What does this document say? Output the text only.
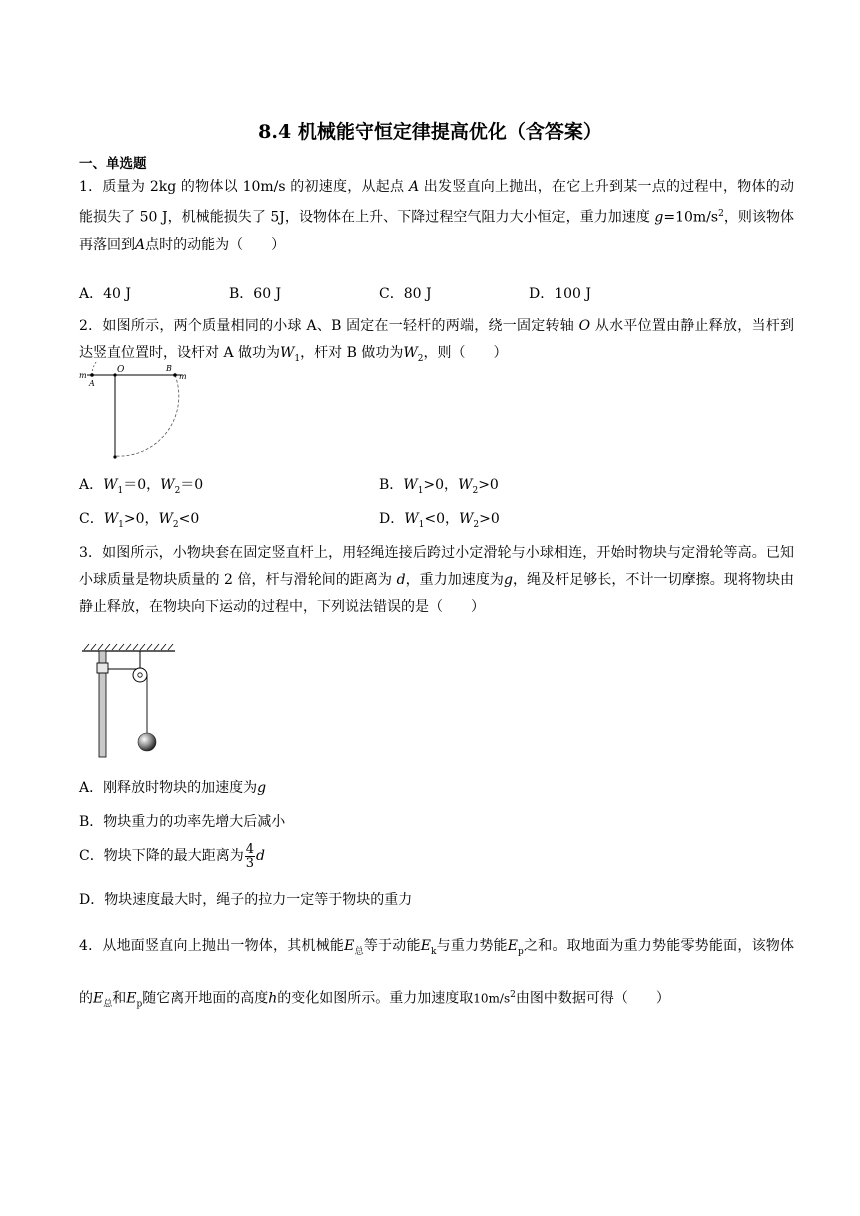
8.4 机械能守恒定律提高优化（含答案）
一、单选题
1．质量为 2kg 的物体以 10m/s 的初速度，从起点 A 出发竖直向上抛出，在它上升到某一点的过程中，物体的动能损失了 50 J，机械能损失了 5J，设物体在上升、下降过程空气阻力大小恒定，重力加速度 $g=10m/s^2$，则该物体再落回到A点时的动能为（　　）
A．40 J	B．60 J	C．80 J	D．100 J
2．如图所示，两个质量相同的小球 A、B 固定在一轻杆的两端，绕一固定转轴 O 从水平位置由静止释放，当杆到达竖直位置时，设杆对 A 做功为$W_1$，杆对 B 做功为$W_2$，则（　　）
m
A
O	B
m
A．$W_1=0$，$W_2=0$	B．$W_1>0$，$W_2>0$
C．$W_1>0$，$W_2<0$	D．$W_1<0$，$W_2>0$
3．如图所示，小物块套在固定竖直杆上，用轻绳连接后跨过小定滑轮与小球相连，开始时物块与定滑轮等高。已知小球质量是物块质量的 2 倍，杆与滑轮间的距离为 d，重力加速度为g，绳及杆足够长，不计一切摩擦。现将物块由静止释放，在物块向下运动的过程中，下列说法错误的是（　　）
A．刚释放时物块的加速度为g
B．物块重力的功率先增大后减小
C．物块下降的最大距离为 $\frac{4}{3}$ d
D．物块速度最大时，绳子的拉力一定等于物块的重力
4．从地面竖直向上抛出一物体，其机械能$E_总$等于动能$E_k$与重力势能$E_p$之和。取地面为重力势能零势能面，该物体的$E_总$和$E_p$随它离开地面的高度h的变化如图所示。重力加速度取$10m/s^2$由图中数据可得（　　）
